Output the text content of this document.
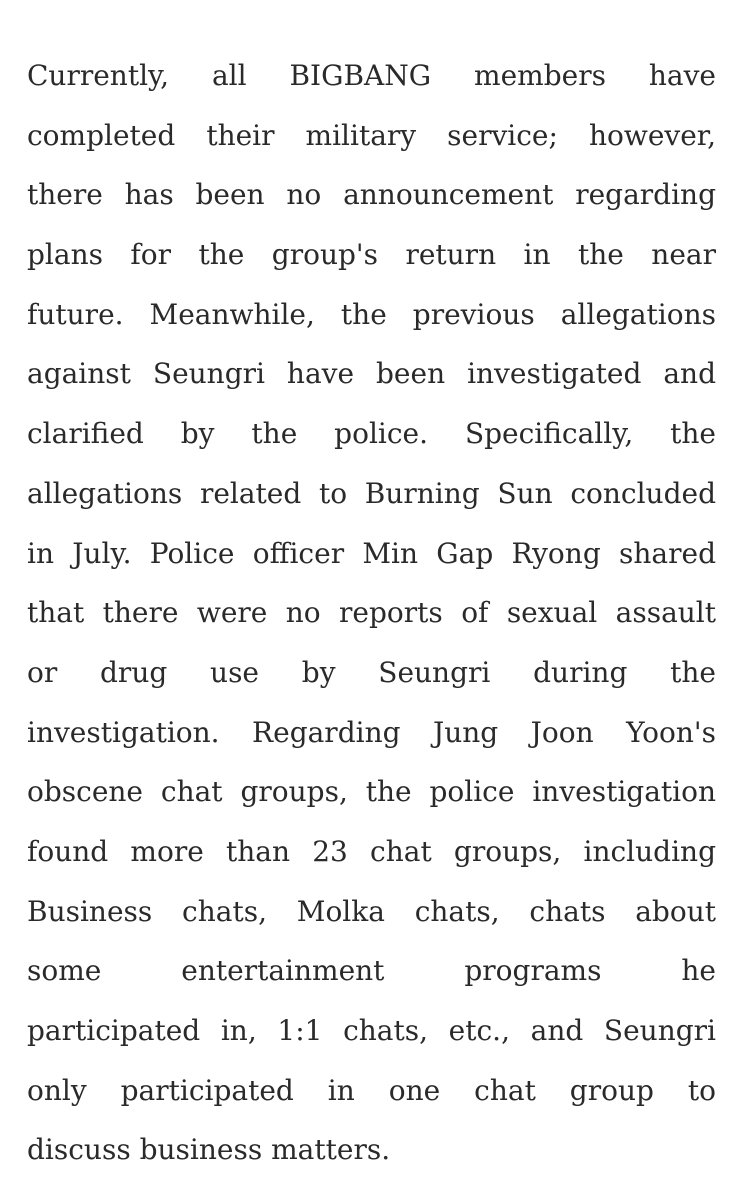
Currently, all BIGBANG members have
completed their military service; however,
there has been no announcement regarding
plans for the group's return in the near
future. Meanwhile, the previous allegations
against Seungri have been investigated and
clarified by the police. Specifically, the
allegations related to Burning Sun concluded
in July. Police officer Min Gap Ryong shared
that there were no reports of sexual assault
or drug use by Seungri during the
investigation. Regarding Jung Joon Yoon's
obscene chat groups, the police investigation
found more than 23 chat groups, including
Business chats, Molka chats, chats about
some entertainment programs he
participated in, 1:1 chats, etc., and Seungri
only participated in one chat group to
discuss business matters.
